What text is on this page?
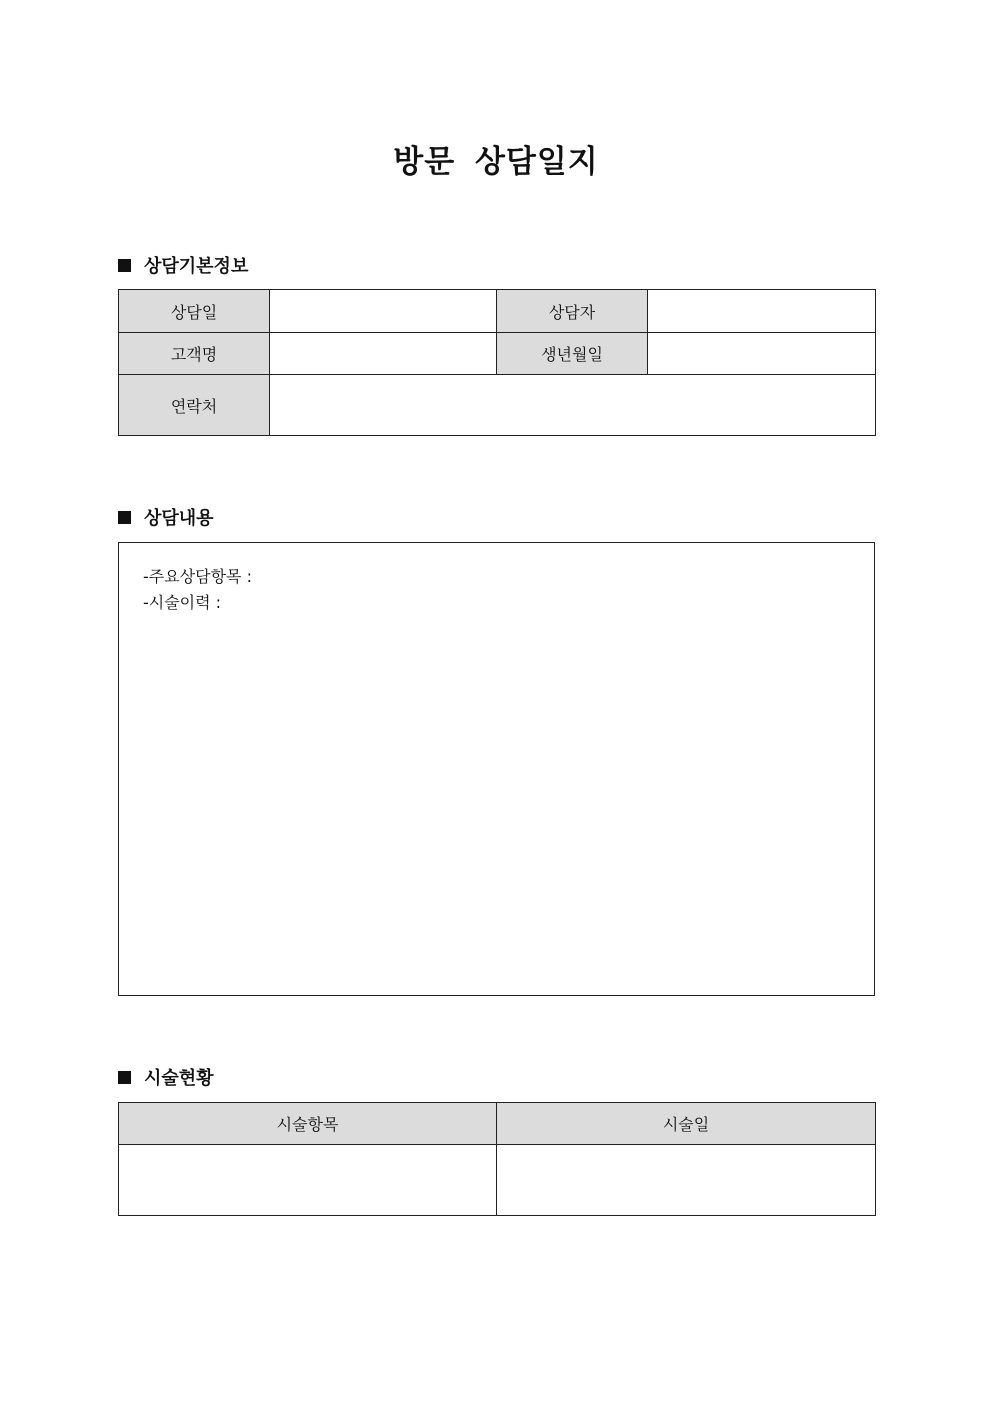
방문 상담일지
상담기본정보
상담일		상담자	
고객명		생년월일	
연락처			
상담내용
-주요상담항목 :
-시술이력 :
시술현황
시술항목	시술일
